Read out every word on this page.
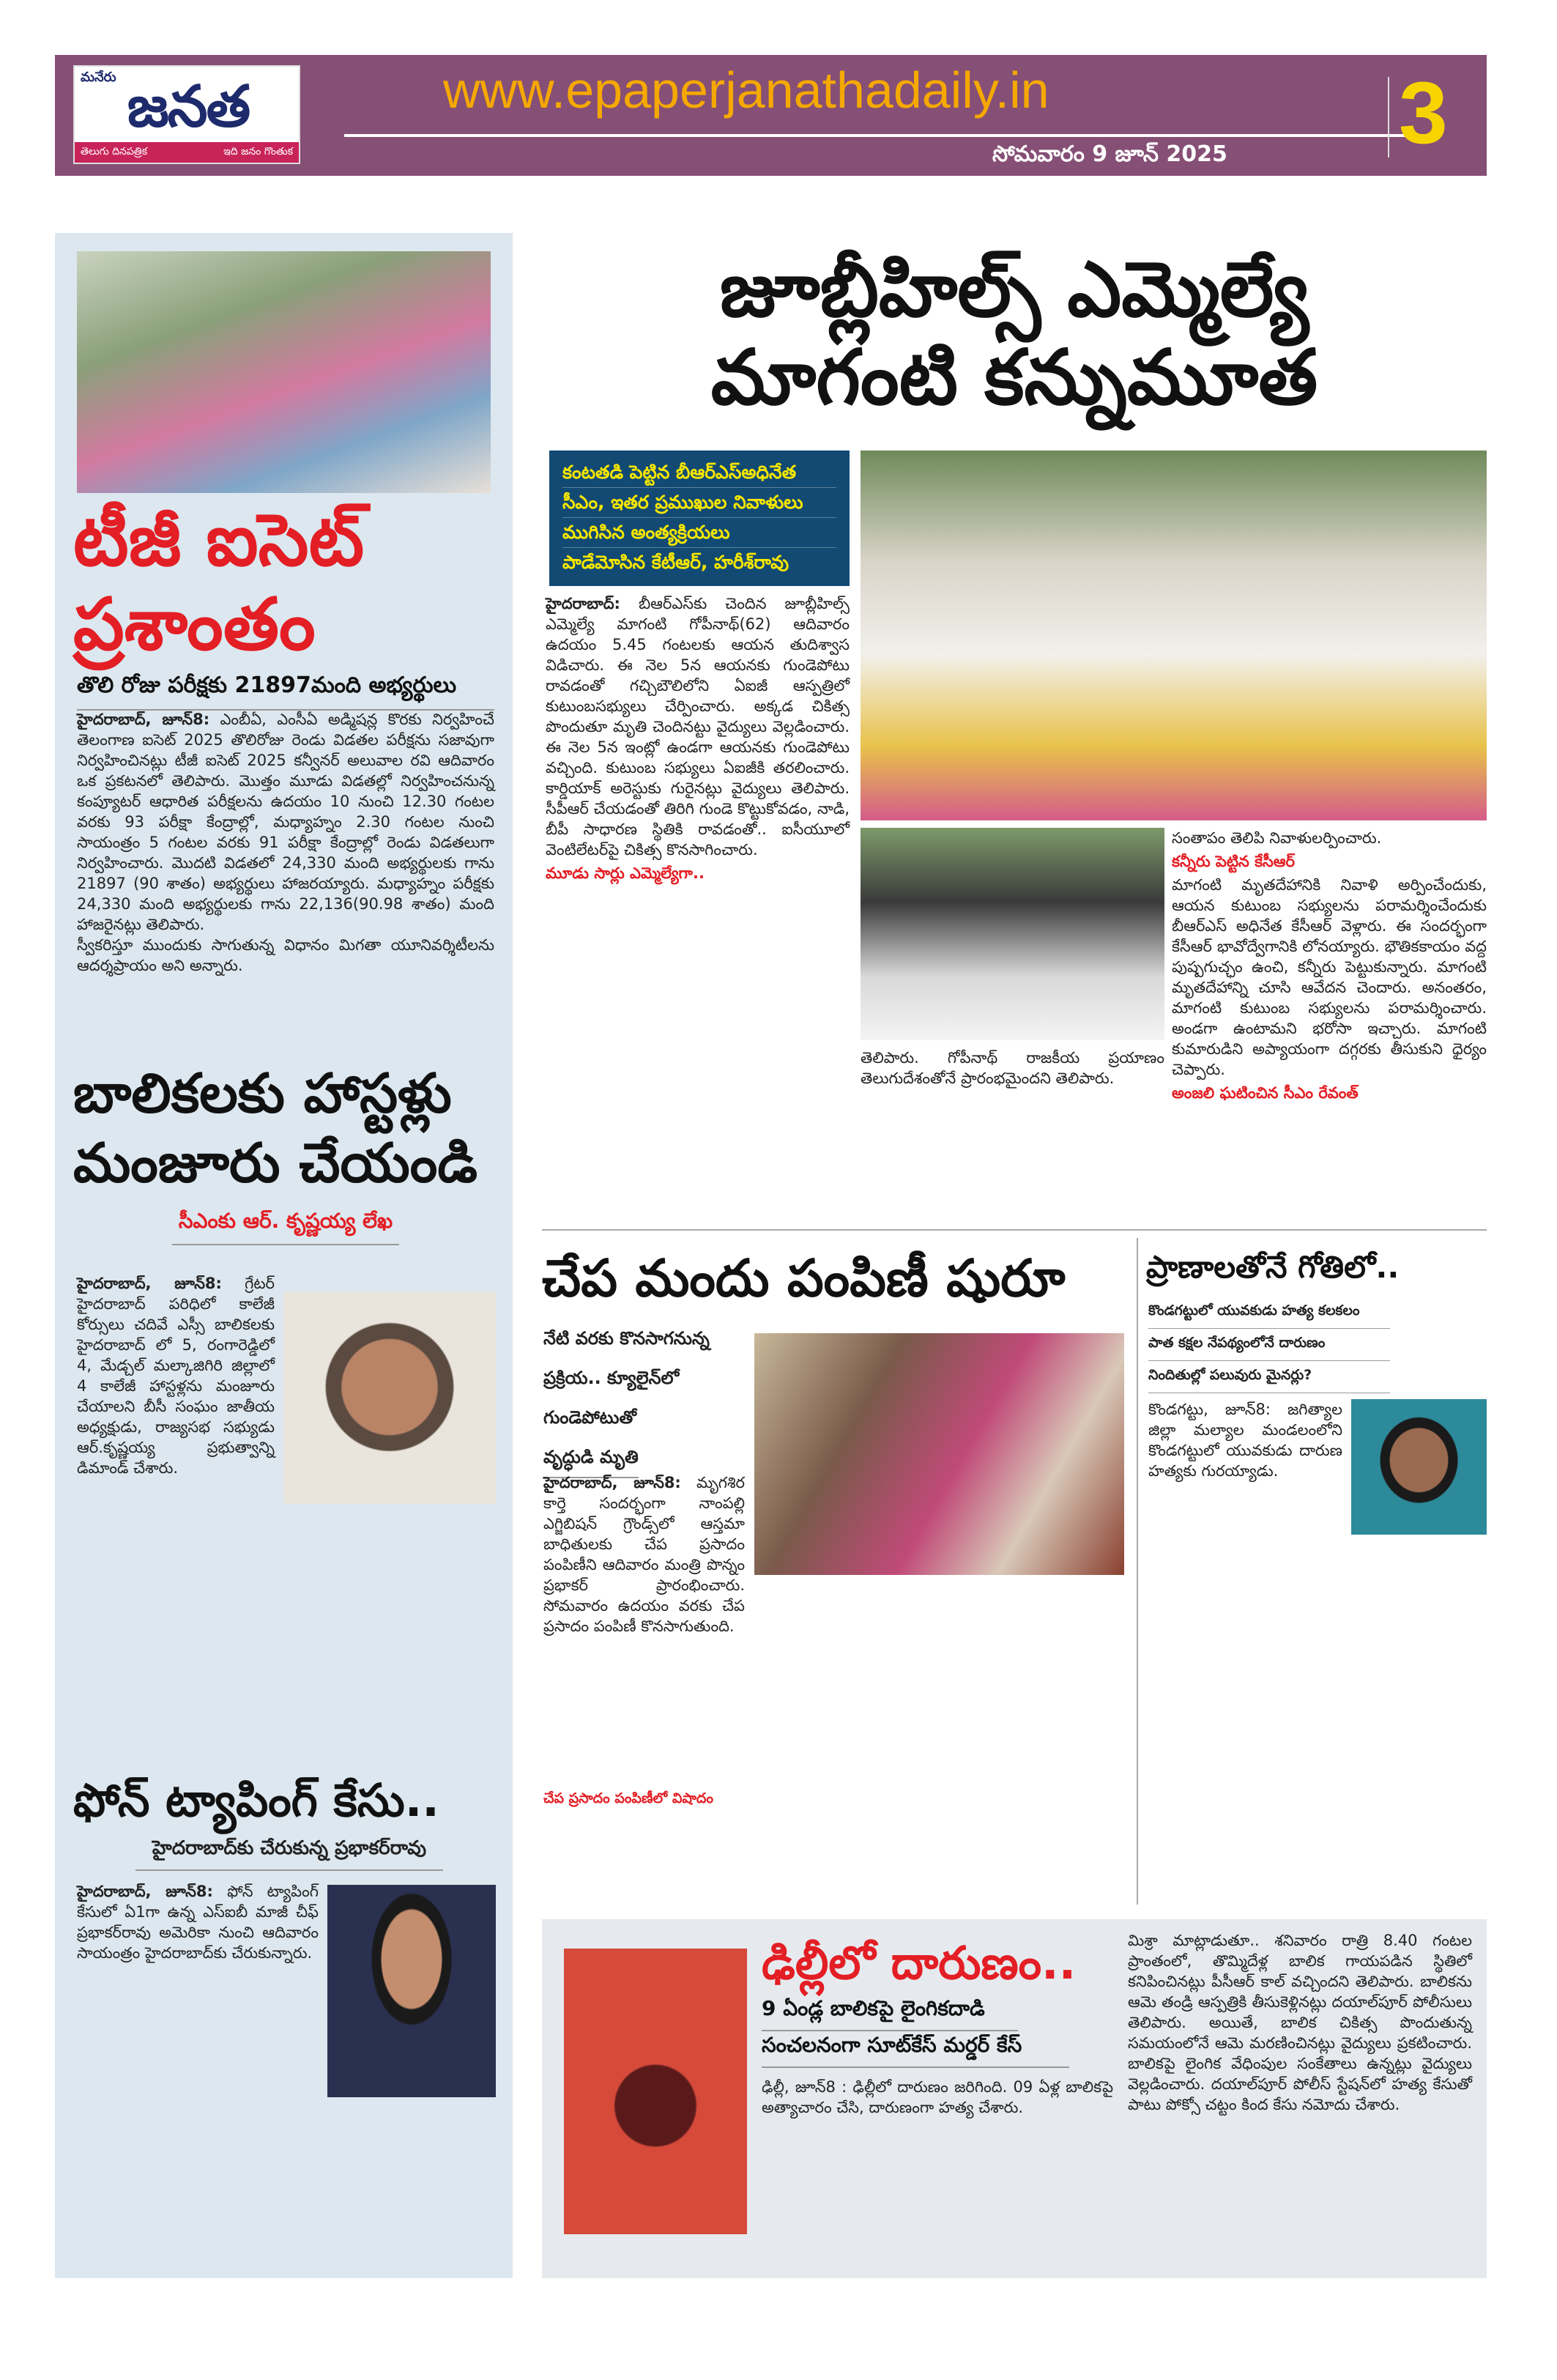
మనేరు జనత
తెలుగు దినపత్రిక	ఇది జనం గొంతుక
www.epaperjanathadaily.in
సోమవారం 9 జూన్ 2025 3
టీజీ ఐసెట్
ప్రశాంతం
తొలి రోజు పరీక్షకు 21897మంది అభ్యర్థులు
హైదరాబాద్, జూన్8: ఎంబీఏ, ఎంసీఏ అడ్మిషన్ల కొరకు నిర్వహించే తెలంగాణ ఐసెట్ 2025 తొలిరోజు రెండు విడతల పరీక్షను సజావుగా నిర్వహించినట్లు టీజీ ఐసెట్ 2025 కన్వీనర్ అలువాల రవి ఆదివారం ఒక ప్రకటనలో తెలిపారు. మొత్తం మూడు విడతల్లో నిర్వహించనున్న కంప్యూటర్ ఆధారిత పరీక్షలను ఉదయం 10 నుంచి 12.30 గంటల వరకు 93 పరీక్షా కేంద్రాల్లో, మధ్యాహ్నం 2.30 గంటల నుంచి సాయంత్రం 5 గంటల వరకు 91 పరీక్షా కేంద్రాల్లో రెండు విడతలుగా నిర్వహించారు. మొదటి విడతలో 24,330 మంది అభ్యర్థులకు గాను 21897 (90 శాతం) అభ్యర్థులు హాజరయ్యారు. మధ్యాహ్నం పరీక్షకు 24,330 మంది అభ్యర్థులకు గాను 22,136(90.98 శాతం) మంది హాజరైనట్లు తెలిపారు.
స్వీకరిస్తూ ముందుకు సాగుతున్న విధానం మిగతా యూనివర్శిటీలను ఆదర్శప్రాయం అని అన్నారు.
బాలికలకు హాస్టళ్లు
మంజూరు చేయండి
సీఎంకు ఆర్. కృష్ణయ్య లేఖ
హైదరాబాద్, జూన్8: గ్రేటర్ హైదరాబాద్ పరిధిలో కాలేజీ కోర్సులు చదివే ఎస్సీ బాలికలకు హైదరాబాద్ లో 5, రంగారెడ్డిలో 4, మేడ్చల్ మల్కాజిగిరి జిల్లాలో 4 కాలేజీ హాస్టళ్లను మంజూరు చేయాలని బీసీ సంఘం జాతీయ అధ్యక్షుడు, రాజ్యసభ సభ్యుడు ఆర్.కృష్ణయ్య ప్రభుత్వాన్ని డిమాండ్ చేశారు.
ఫోన్ ట్యాపింగ్ కేసు..
హైదరాబాద్‌కు చేరుకున్న ప్రభాకర్‌రావు
హైదరాబాద్, జూన్8: ఫోన్ ట్యాపింగ్ కేసులో ఏ1గా ఉన్న ఎస్ఐబీ మాజీ చీఫ్ ప్రభాకర్‌రావు అమెరికా నుంచి ఆదివారం సాయంత్రం హైదరాబాద్‌కు చేరుకున్నారు.
జూబ్లీహిల్స్ ఎమ్మెల్యే
మాగంటి కన్నుమూత
కంటతడి పెట్టిన బీఆర్ఎస్‌అధినేత
సీఎం, ఇతర ప్రముఖుల నివాళులు
ముగిసిన అంత్యక్రియలు
పాడేమోసిన కేటీఆర్, హరీశ్‌రావు
హైదరాబాద్: బీఆర్ఎస్‌కు చెందిన జూబ్లీహిల్స్ ఎమ్మెల్యే మాగంటి గోపీనాథ్(62) ఆదివారం ఉదయం 5.45 గంటలకు ఆయన తుదిశ్వాస విడిచారు. ఈ నెల 5న ఆయనకు గుండెపోటు రావడంతో గచ్చిబౌలిలోని ఏఐజీ ఆస్పత్రిలో కుటుంబసభ్యులు చేర్పించారు. అక్కడ చికిత్స పొందుతూ మృతి చెందినట్టు వైద్యులు వెల్లడించారు. ఈ నెల 5న ఇంట్లో ఉండగా ఆయనకు గుండెపోటు వచ్చింది. కుటుంబ సభ్యులు ఏఐజీకి తరలించారు. కార్డియాక్ అరెస్టుకు గురైనట్లు వైద్యులు తెలిపారు. సీపీఆర్ చేయడంతో తిరిగి గుండె కొట్టుకోవడం, నాడి, బీపీ సాధారణ స్థితికి రావడంతో.. ఐసీయూలో వెంటిలేటర్‌పై చికిత్స కొనసాగించారు.
మూడు సార్లు ఎమ్మెల్యేగా..
సంతాపం తెలిపి నివాళులర్పించారు.
కన్నీరు పెట్టిన కేసీఆర్
మాగంటి మృతదేహానికి నివాళి అర్పించేందుకు, ఆయన కుటుంబ సభ్యులను పరామర్శించేందుకు బీఆర్ఎస్ అధినేత కేసీఆర్ వెళ్లారు. ఈ సందర్భంగా కేసీఆర్ భావోద్వేగానికి లోనయ్యారు. భౌతికకాయం వద్ద పుష్పగుచ్ఛం ఉంచి, కన్నీరు పెట్టుకున్నారు. మాగంటి మృతదేహాన్ని చూసి ఆవేదన చెందారు. అనంతరం, మాగంటి కుటుంబ సభ్యులను పరామర్శించారు. అండగా ఉంటామని భరోసా ఇచ్చారు. మాగంటి కుమారుడిని అప్యాయంగా దగ్గరకు తీసుకుని ధైర్యం చెప్పారు.
అంజలి ఘటించిన సీఎం రేవంత్
తెలిపారు. గోపీనాథ్ రాజకీయ ప్రయాణం తెలుగుదేశంతోనే ప్రారంభమైందని తెలిపారు.
చేప మందు పంపిణీ షురూ
నేటి వరకు కొనసాగనున్న
ప్రక్రియ.. క్యూలైన్‌లో
గుండెపోటుతో
వృద్ధుడి మృతి
హైదరాబాద్, జూన్8: మృగశిర కార్తె సందర్భంగా నాంపల్లి ఎగ్జిబిషన్ గ్రౌండ్స్‌లో ఆస్తమా బాధితులకు చేప ప్రసాదం పంపిణీని ఆదివారం మంత్రి పొన్నం ప్రభాకర్ ప్రారంభించారు. సోమవారం ఉదయం వరకు చేప ప్రసాదం పంపిణీ కొనసాగుతుంది.
చేప ప్రసాదం పంపిణీలో విషాదం
ప్రాణాలతోనే గోతిలో..
కొండగట్టులో యువకుడు హత్య కలకలం
పాత కక్షల నేపథ్యంలోనే దారుణం
నిందితుల్లో పలువురు మైనర్లు?
కొండగట్టు, జూన్8: జగిత్యాల జిల్లా మల్యాల మండలంలోని కొండగట్టులో యువకుడు దారుణ హత్యకు గురయ్యాడు.
ఢిల్లీలో దారుణం..
9 ఏండ్ల బాలికపై లైంగికదాడి
సంచలనంగా సూట్‌కేస్ మర్డర్ కేస్
ఢిల్లీ, జూన్8 : ఢిల్లీలో దారుణం జరిగింది. 09 ఏళ్ల బాలికపై అత్యాచారం చేసి, దారుణంగా హత్య చేశారు.
మిశ్రా మాట్లాడుతూ.. శనివారం రాత్రి 8.40 గంటల ప్రాంతంలో, తొమ్మిదేళ్ల బాలిక గాయపడిన స్థితిలో కనిపించినట్లు పీసీఆర్ కాల్ వచ్చిందని తెలిపారు. బాలికను ఆమె తండ్రి ఆస్పత్రికి తీసుకెళ్లినట్లు దయాల్‌పూర్ పోలీసులు తెలిపారు. అయితే, బాలిక చికిత్స పొందుతున్న సమయంలోనే ఆమె మరణించినట్లు వైద్యులు ప్రకటించారు. బాలికపై లైంగిక వేధింపుల సంకేతాలు ఉన్నట్లు వైద్యులు వెల్లడించారు. దయాల్‌పూర్ పోలీస్ స్టేషన్‌లో హత్య కేసుతో పాటు పోక్సో చట్టం కింద కేసు నమోదు చేశారు.
